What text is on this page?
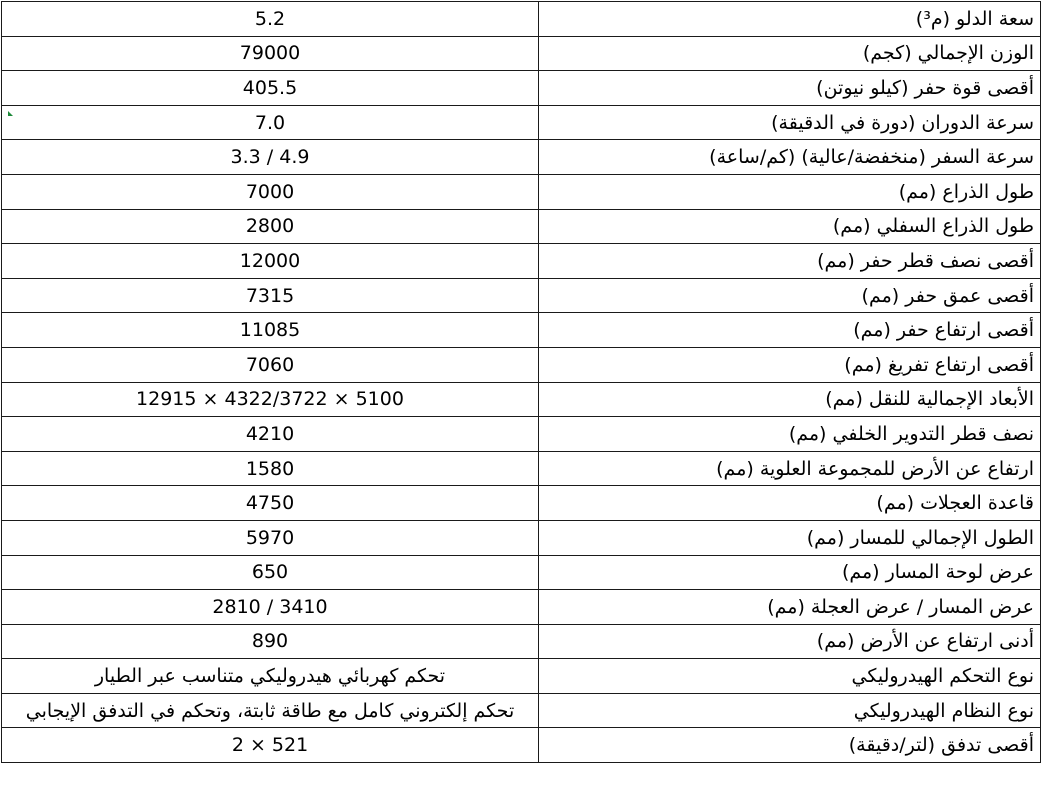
5.2	سعة الدلو (م³)
79000	الوزن الإجمالي (كجم)
405.5	أقصى قوة حفر (كيلو نيوتن)
7.0	سرعة الدوران (دورة في الدقيقة)
3.3 / 4.9	سرعة السفر (منخفضة/عالية) (كم/ساعة)
7000	طول الذراع (مم)
2800	طول الذراع السفلي (مم)
12000	أقصى نصف قطر حفر (مم)
7315	أقصى عمق حفر (مم)
11085	أقصى ارتفاع حفر (مم)
7060	أقصى ارتفاع تفريغ (مم)
12915 × 4322/3722 × 5100	الأبعاد الإجمالية للنقل (مم)
4210	نصف قطر التدوير الخلفي (مم)
1580	ارتفاع عن الأرض للمجموعة العلوية (مم)
4750	قاعدة العجلات (مم)
5970	الطول الإجمالي للمسار (مم)
650	عرض لوحة المسار (مم)
2810 / 3410	عرض المسار / عرض العجلة (مم)
890	أدنى ارتفاع عن الأرض (مم)
تحكم كهربائي هيدروليكي متناسب عبر الطيار	نوع التحكم الهيدروليكي
تحكم إلكتروني كامل مع طاقة ثابتة، وتحكم في التدفق الإيجابي	نوع النظام الهيدروليكي
2 × 521	أقصى تدفق (لتر/دقيقة)
